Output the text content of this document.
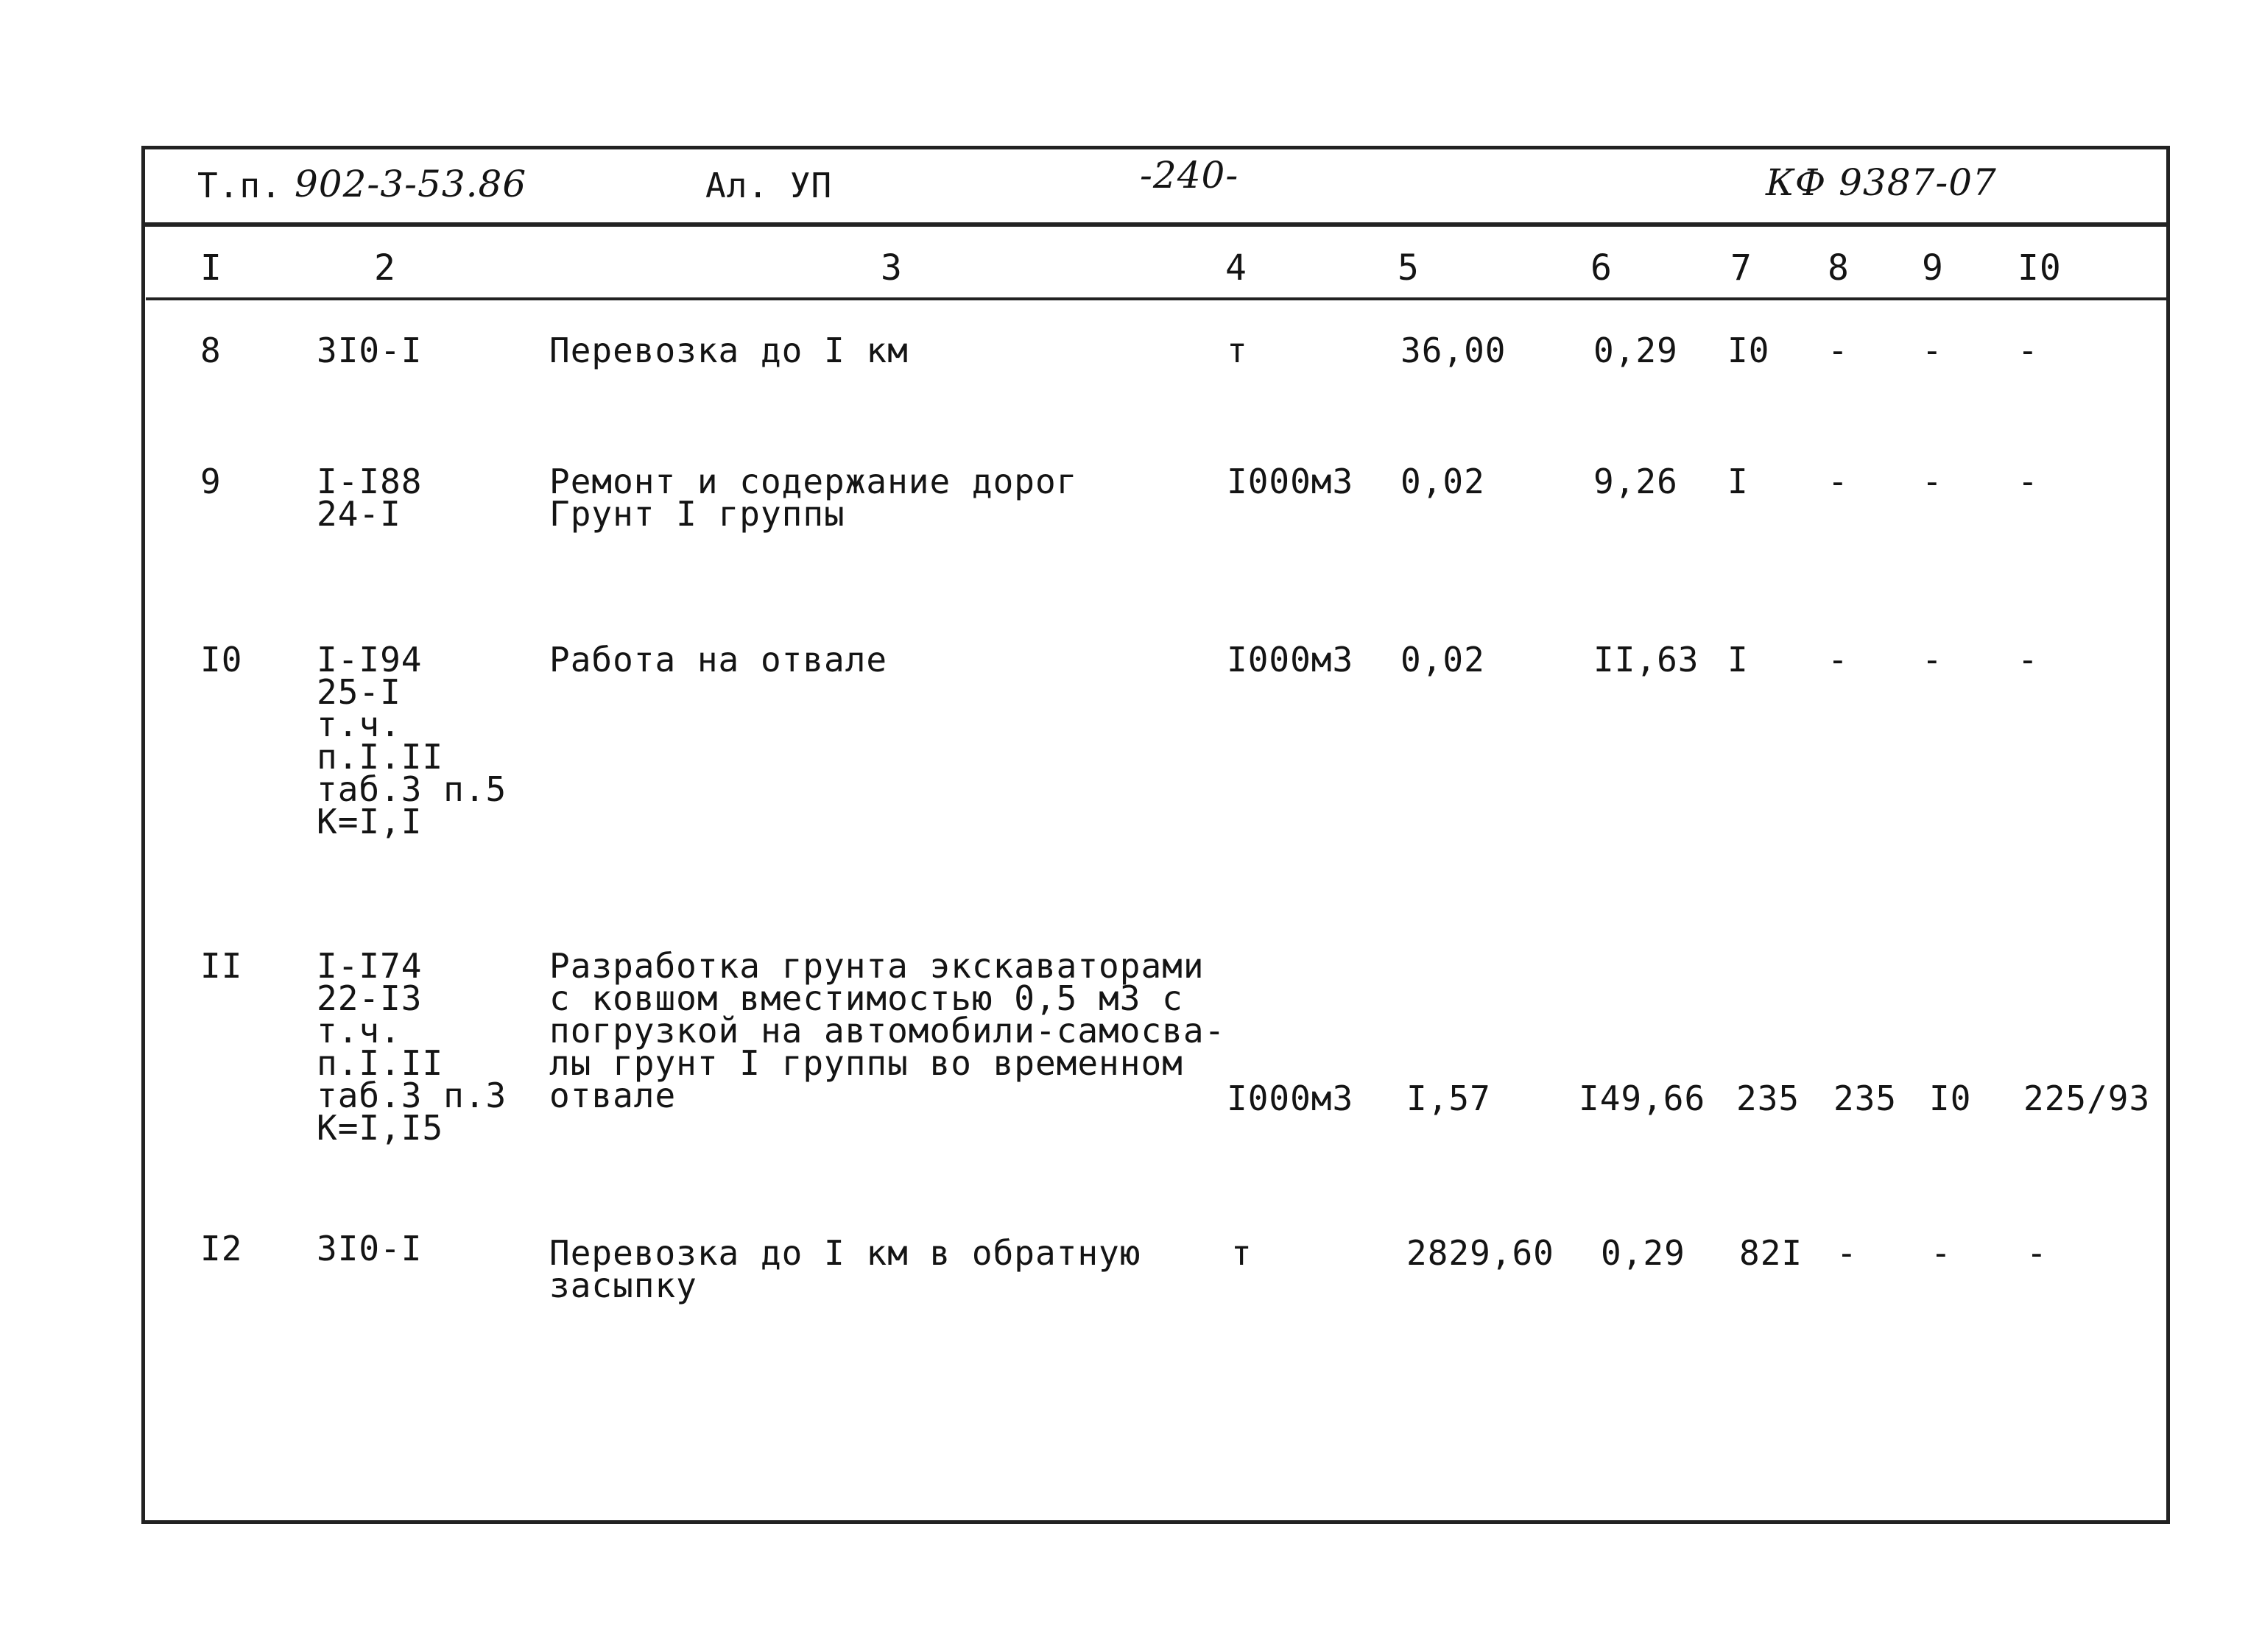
Т.п. 902-3-53.86	Ал. УП	-240-	КФ 9387-07
I	2	3	4	5	6	7 8 9 I0
8	3I0-I	Перевозка до I км	т	36,00	0,29 I0 - - -
9	I-I88
24-I
Ремонт и содержание дорог
Грунт I группы
I000м3 0,02	9,26 I - - -
I0 I-I94
25-I
т.ч.
п.I.II
таб.3 п.5
К=I,I
Работа на отвале	I000м3 0,02	II,63 I - - -
II I-I74
22-I3
т.ч.
п.I.II
таб.3 п.3
К=I,I5
Разработка грунта экскаваторами
с ковшом вместимостью 0,5 м3 с
погрузкой на автомобили-самосва-
лы грунт I группы во временном
отвале	I000м3 I,57	I49,66 235 235 I0 225/93
I2 3I0-I	Перевозка до I км в обратную
засыпку
т	2829,60 0,29 82I - - -
